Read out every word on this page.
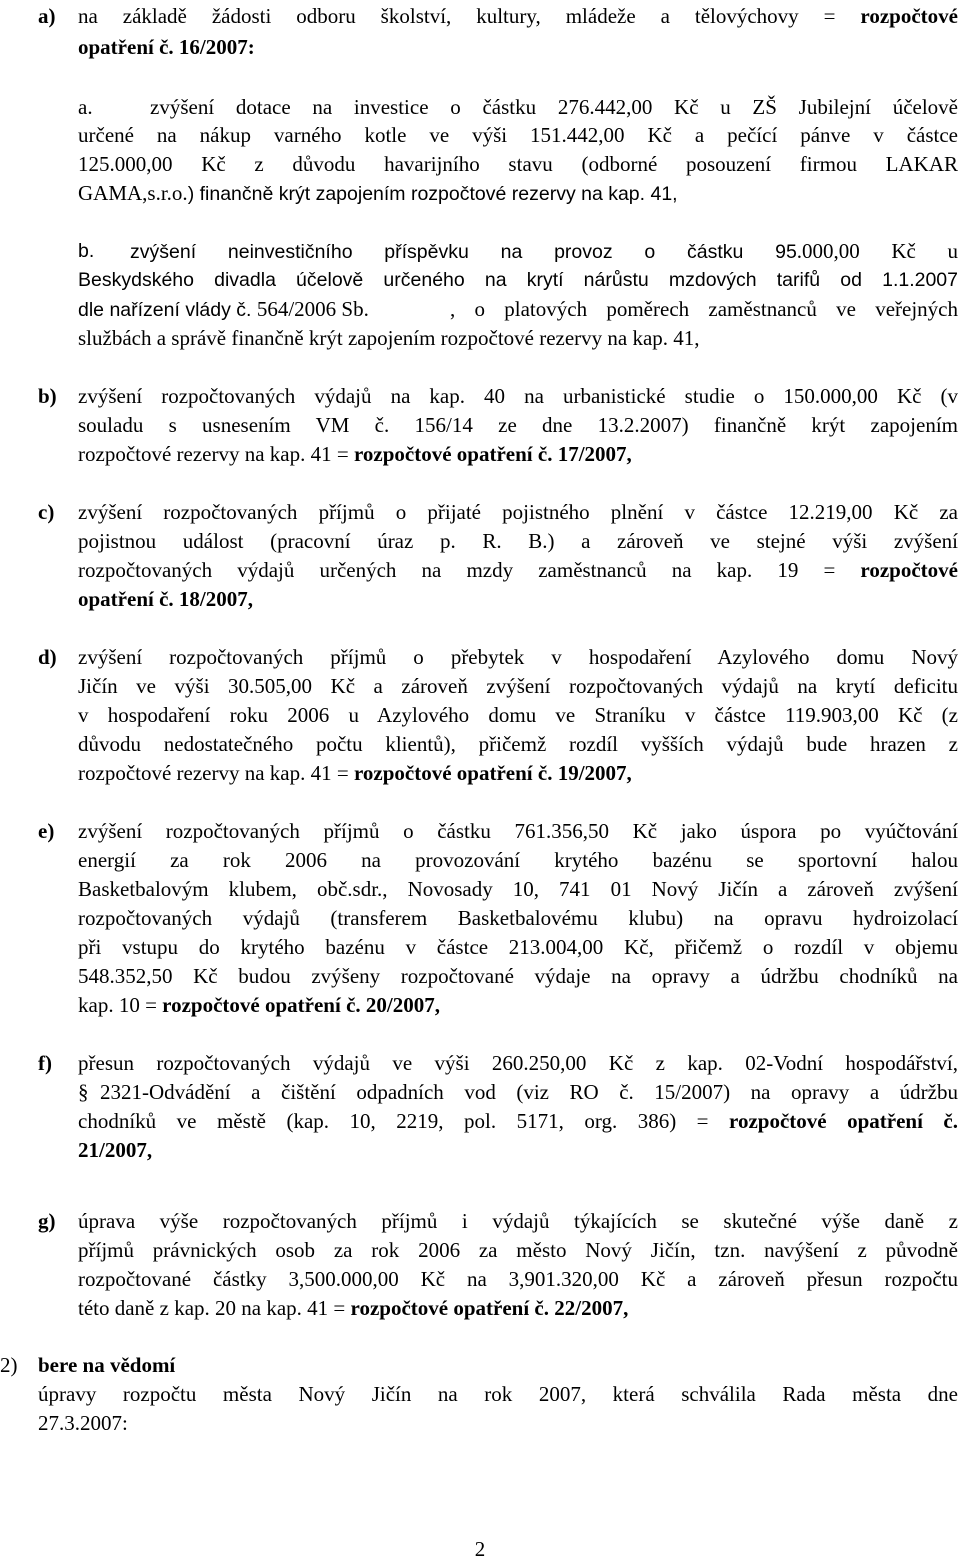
a) na základě žádosti odboru školství, kultury, mládeže a tělovýchovy = rozpočtové
opatření č. 16/2007:
a.	zvýšení dotace na investice o částku 276.442,00 Kč u ZŠ Jubilejní účelově
určené na nákup varného kotle ve výši 151.442,00 Kč a pečící pánve v částce
125.000,00 Kč z důvodu havarijního stavu (odborné posouzení firmou LAKAR
GAMA,s.r.o.) finančně krýt zapojením rozpočtové rezervy na kap. 41,
b. zvýšení neinvestičního příspěvku na provoz o částku 95.000,00 Kč u
Beskydského divadla účelově určeného na krytí nárůstu mzdových tarifů od 1.1.2007
dle nařízení vlády č. 564/2006 Sb.	, o platových poměrech zaměstnanců ve veřejných
službách a správě finančně krýt zapojením rozpočtové rezervy na kap. 41,
b) zvýšení rozpočtovaných výdajů na kap. 40 na urbanistické studie o 150.000,00 Kč (v
souladu s usnesením VM č. 156/14 ze dne 13.2.2007) finančně krýt zapojením
rozpočtové rezervy na kap. 41 = rozpočtové opatření č. 17/2007,
c) zvýšení rozpočtovaných příjmů o přijaté pojistného plnění v částce 12.219,00 Kč za
pojistnou událost (pracovní úraz p. R. B.) a zároveň ve stejné výši zvýšení
rozpočtovaných výdajů určených na mzdy zaměstnanců na kap. 19 = rozpočtové
opatření č. 18/2007,
d) zvýšení rozpočtovaných příjmů o přebytek v hospodaření Azylového domu Nový
Jičín ve výši 30.505,00 Kč a zároveň zvýšení rozpočtovaných výdajů na krytí deficitu
v hospodaření roku 2006 u Azylového domu ve Straníku v částce 119.903,00 Kč (z
důvodu nedostatečného počtu klientů), přičemž rozdíl vyšších výdajů bude hrazen z
rozpočtové rezervy na kap. 41 = rozpočtové opatření č. 19/2007,
e) zvýšení rozpočtovaných příjmů o částku 761.356,50 Kč jako úspora po vyúčtování
energií za rok 2006 na provozování krytého bazénu se sportovní halou
Basketbalovým klubem, obč.sdr., Novosady 10, 741 01 Nový Jičín a zároveň zvýšení
rozpočtovaných výdajů (transferem Basketbalovému klubu) na opravu hydroizolací
při vstupu do krytého bazénu v částce 213.004,00 Kč, přičemž o rozdíl v objemu
548.352,50 Kč budou zvýšeny rozpočtované výdaje na opravy a údržbu chodníků na
kap. 10 = rozpočtové opatření č. 20/2007,
f) přesun rozpočtovaných výdajů ve výši 260.250,00 Kč z kap. 02-Vodní hospodářství,
§ 2321-Odvádění a čištění odpadních vod (viz RO č. 15/2007) na opravy a údržbu
chodníků ve městě (kap. 10, 2219, pol. 5171, org. 386) = rozpočtové opatření č.
21/2007,
g) úprava výše rozpočtovaných příjmů i výdajů týkajících se skutečné výše daně z
příjmů právnických osob za rok 2006 za město Nový Jičín, tzn. navýšení z původně
rozpočtované částky 3,500.000,00 Kč na 3,901.320,00 Kč a zároveň přesun rozpočtu
této daně z kap. 20 na kap. 41 = rozpočtové opatření č. 22/2007,
2) bere na vědomí
úpravy rozpočtu města Nový Jičín na rok 2007, která schválila Rada města dne
27.3.2007:
2
